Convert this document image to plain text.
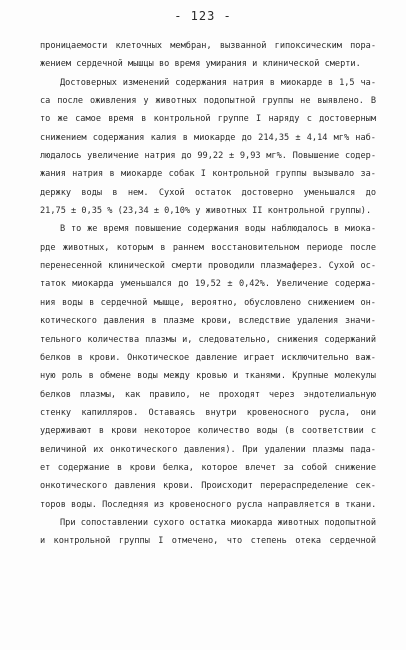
- 123 -
проницаемости клеточных мембран, вызванной гипоксическим пора-
жением сердечной мышцы во время умирания и клинической смерти.
Достоверных изменений содержания натрия в миокарде в 1,5 ча-
са после оживления у животных подопытной группы не выявлено. В
то же самое время в контрольной группе I наряду с достоверным
снижением содержания калия в миокарде до 214,35 ± 4,14 мг% наб-
людалось увеличение натрия до 99,22 ± 9,93 мг%. Повышение содер-
жания натрия в миокарде собак I контрольной группы вызывало за-
держку воды в нем. Сухой остаток достоверно уменьшался до
21,75 ± 0,35 % (23,34 ± 0,10% у животных II контрольной группы).
В то же время повышение содержания воды наблюдалось в миока-
рде животных, которым в раннем восстановительном периоде после
перенесенной клинической смерти проводили плазмаферез. Сухой ос-
таток миокарда уменьшался до 19,52 ± 0,42%. Увеличение содержа-
ния воды в сердечной мышце, вероятно, обусловлено снижением он-
котического давления в плазме крови, вследствие удаления значи-
тельного количества плазмы и, следовательно, снижения содержаний
белков в крови. Онкотическое давление играет исключительно важ-
ную роль в обмене воды между кровью и тканями. Крупные молекулы
белков плазмы, как правило, не проходят через эндотелиальную
стенку капилляров. Оставаясь внутри кровеносного русла, они
удерживают в крови некоторое количество воды (в соответствии с
величиной их онкотического давления). При удалении плазмы пада-
ет содержание в крови белка, которое влечет за собой снижение
онкотического давления крови. Происходит перераспределение сек-
торов воды. Последняя из кровеносного русла направляется в ткани.
При сопоставлении сухого остатка миокарда животных подопытной
и контрольной группы I отмечено, что степень отека сердечной
